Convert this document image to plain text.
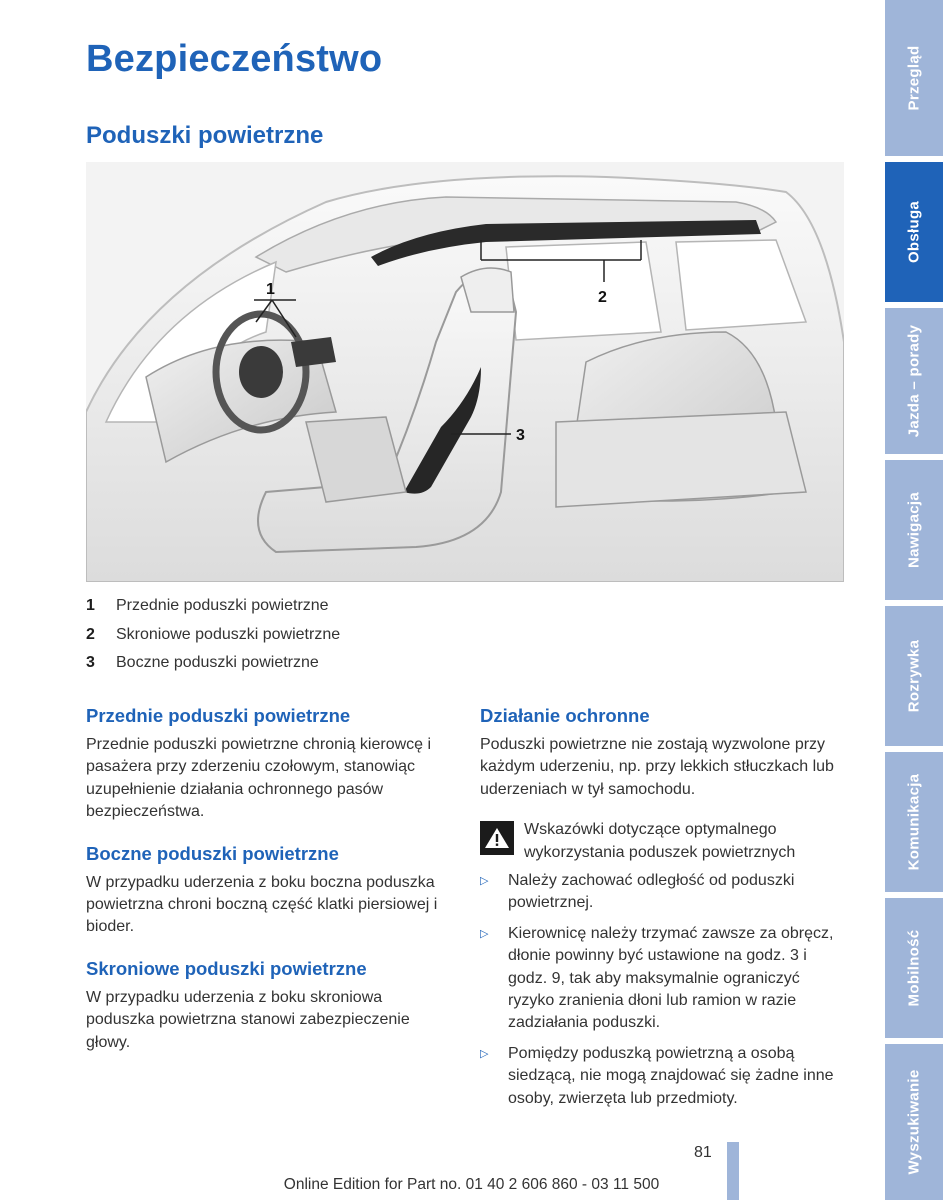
Bezpieczeństwo
Poduszki powietrzne
1	2
3
1	Przednie poduszki powietrzne
2	Skroniowe poduszki powietrzne
3	Boczne poduszki powietrzne
Przednie poduszki powietrzne

Przednie poduszki powietrzne chronią kierowcę i pasażera przy zderzeniu czołowym, stanowiąc uzupełnienie działania ochronnego pasów bezpieczeństwa.

Boczne poduszki powietrzne

W przypadku uderzenia z boku boczna poduszka powietrzna chroni boczną część klatki piersiowej i bioder.

Skroniowe poduszki powietrzne

W przypadku uderzenia z boku skroniowa poduszka powietrzna stanowi zabezpieczenie głowy.

Działanie ochronne

Poduszki powietrzne nie zostają wyzwolone przy każdym uderzeniu, np. przy lekkich stłuczkach lub uderzeniach w tył samochodu.

Wskazówki dotyczące optymalnego wykorzystania poduszek powietrznych
▷	Należy zachować odległość od poduszki powietrznej.
▷	Kierownicę należy trzymać zawsze za obręcz, dłonie powinny być ustawione na godz. 3 i godz. 9, tak aby maksymalnie ograniczyć ryzyko zranienia dłoni lub ramion w razie zadziałania poduszki.
▷	Pomiędzy poduszką powietrzną a osobą siedzącą, nie mogą znajdować się żadne inne osoby, zwierzęta lub przedmioty.
81
Online Edition for Part no. 01 40 2 606 860 - 03 11 500
Przegląd
Obsługa
Jazda – porady
Nawigacja
Rozrywka
Komunikacja
Mobilność
Wyszukiwanie
